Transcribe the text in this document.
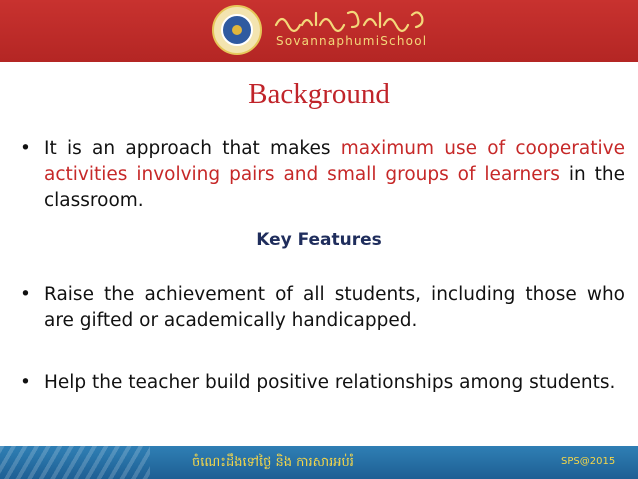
SovannaphumiSchool
Background
• It is an approach that makes maximum use of cooperative activities involving pairs and small groups of learners in the classroom.
Key Features
• Raise the achievement of all students, including those who are gifted or academically handicapped.
• Help the teacher build positive relationships among students.
ចំណេះដឹងទៅថ្ងៃ និង ការសារអប់រំ	SPS@2015
